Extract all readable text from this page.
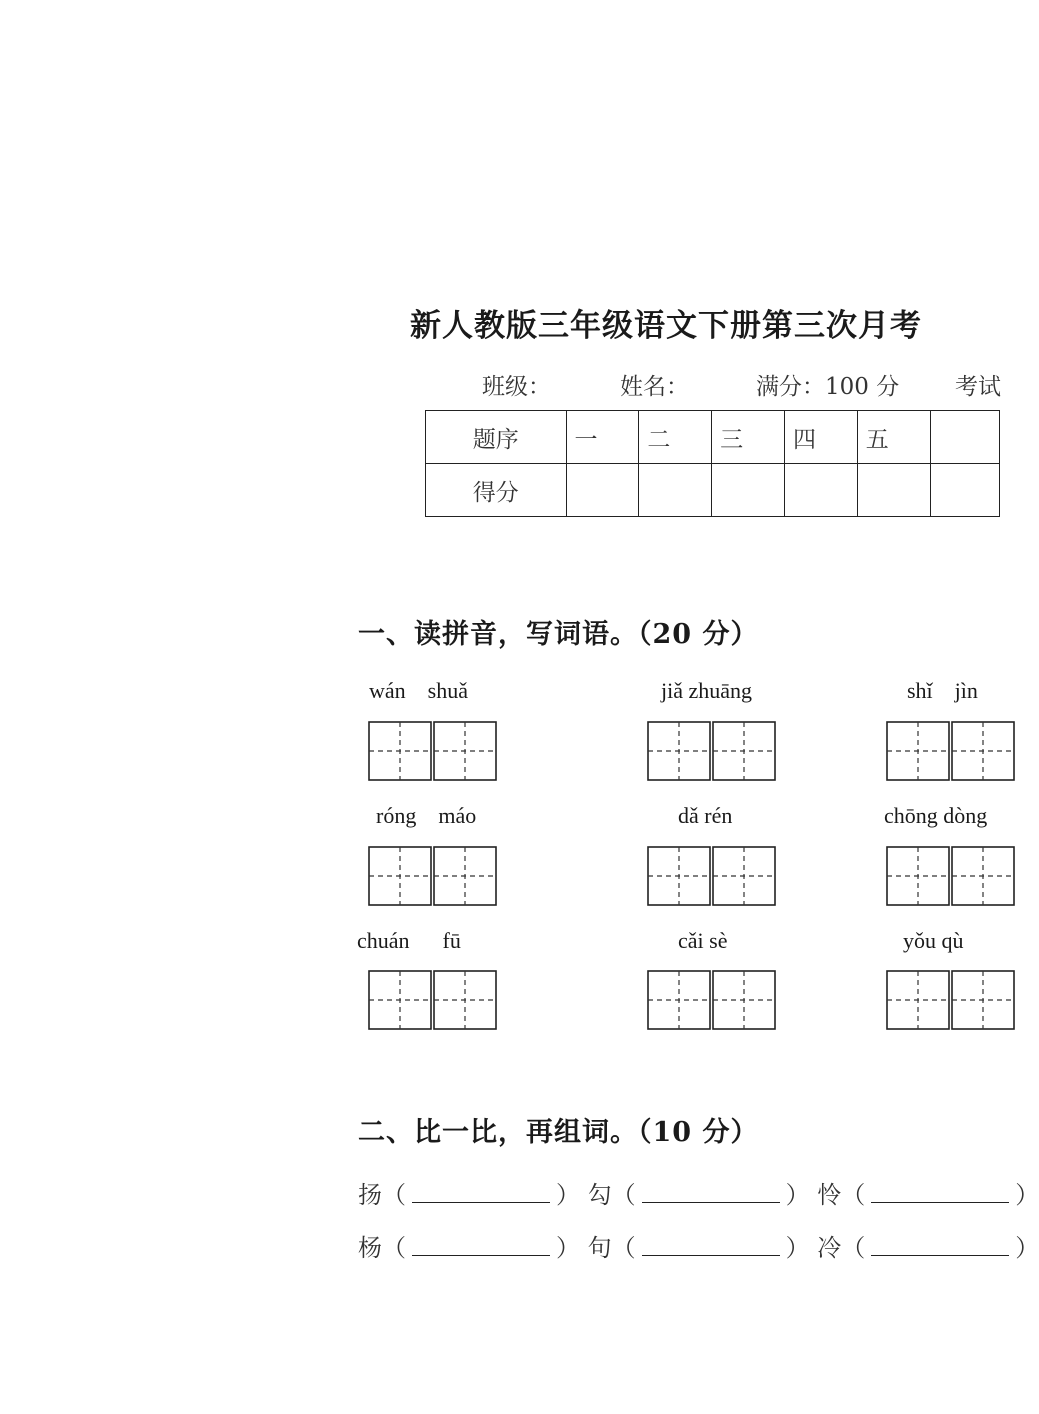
新人教版三年级语文下册第三次月考
班级：	姓名：	满分：100 分 考试
题序	一	二	三	四	五	
得分						
一、读拼音，写词语。（20 分）
wán    shuǎ	jiǎ zhuāng	shǐ    jìn
róng    máo	dǎ rén	chōng dòng
chuán      fū	cǎi sè	yǒu qù
二、比一比，再组词。（10 分）
扬（	） 勾（	） 怜（	）
杨（	） 句（	） 冷（	）
